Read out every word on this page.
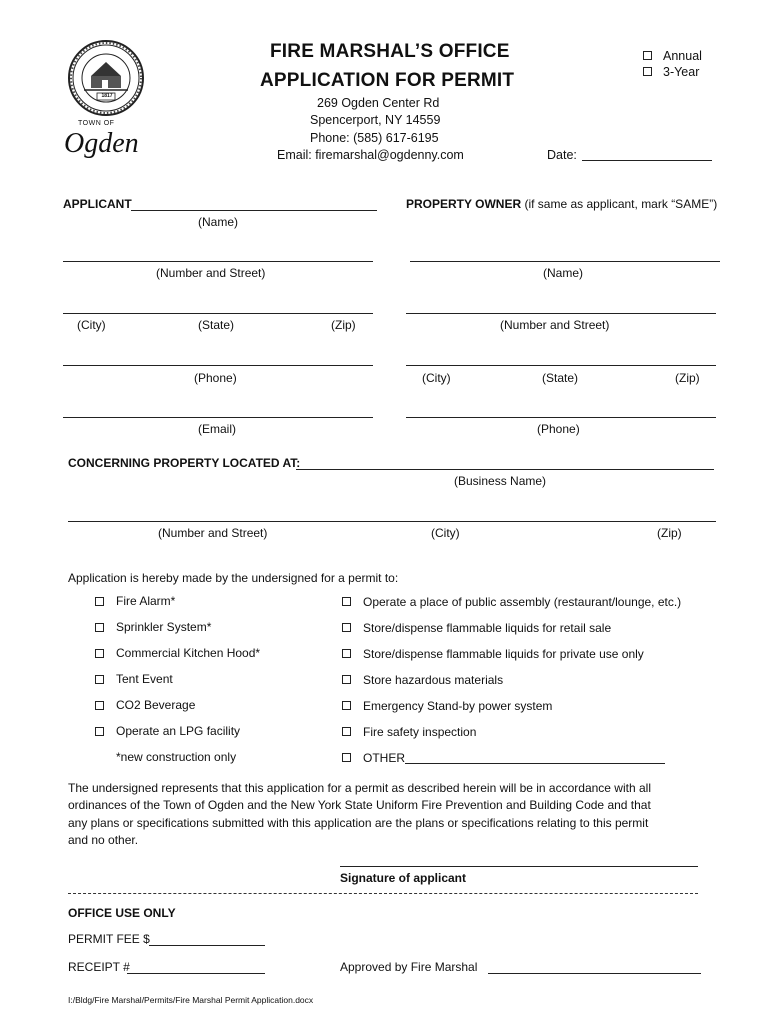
1817
TOWN OF
Ogden
FIRE MARSHAL’S OFFICE
APPLICATION FOR PERMIT
269 Ogden Center Rd
Spencerport, NY 14559
Phone: (585) 617-6195
Email: firemarshal@ogdenny.com
Annual
3-Year
Date:
APPLICANT
(Name)
(Number and Street)
(City)	(State)	(Zip)
(Phone)
(Email)
PROPERTY OWNER (if same as applicant, mark “SAME”)
(Name)
(Number and Street)
(City)	(State)	(Zip)
(Phone)
CONCERNING PROPERTY LOCATED AT:
(Business Name)
(Number and Street)	(City)	(Zip)
Application is hereby made by the undersigned for a permit to:
Fire Alarm*
Sprinkler System*
Commercial Kitchen Hood*
Tent Event
CO2 Beverage
Operate an LPG facility
*new construction only
Operate a place of public assembly (restaurant/lounge, etc.)
Store/dispense flammable liquids for retail sale
Store/dispense flammable liquids for private use only
Store hazardous materials
Emergency Stand-by power system
Fire safety inspection
OTHER
The undersigned represents that this application for a permit as described herein will be in accordance with all
ordinances of the Town of Ogden and the New York State Uniform Fire Prevention and Building Code and that
any plans or specifications submitted with this application are the plans or specifications relating to this permit
and no other.
Signature of applicant
OFFICE USE ONLY
PERMIT FEE $
RECEIPT #	Approved by Fire Marshal
I:/Bldg/Fire Marshal/Permits/Fire Marshal Permit Application.docx
